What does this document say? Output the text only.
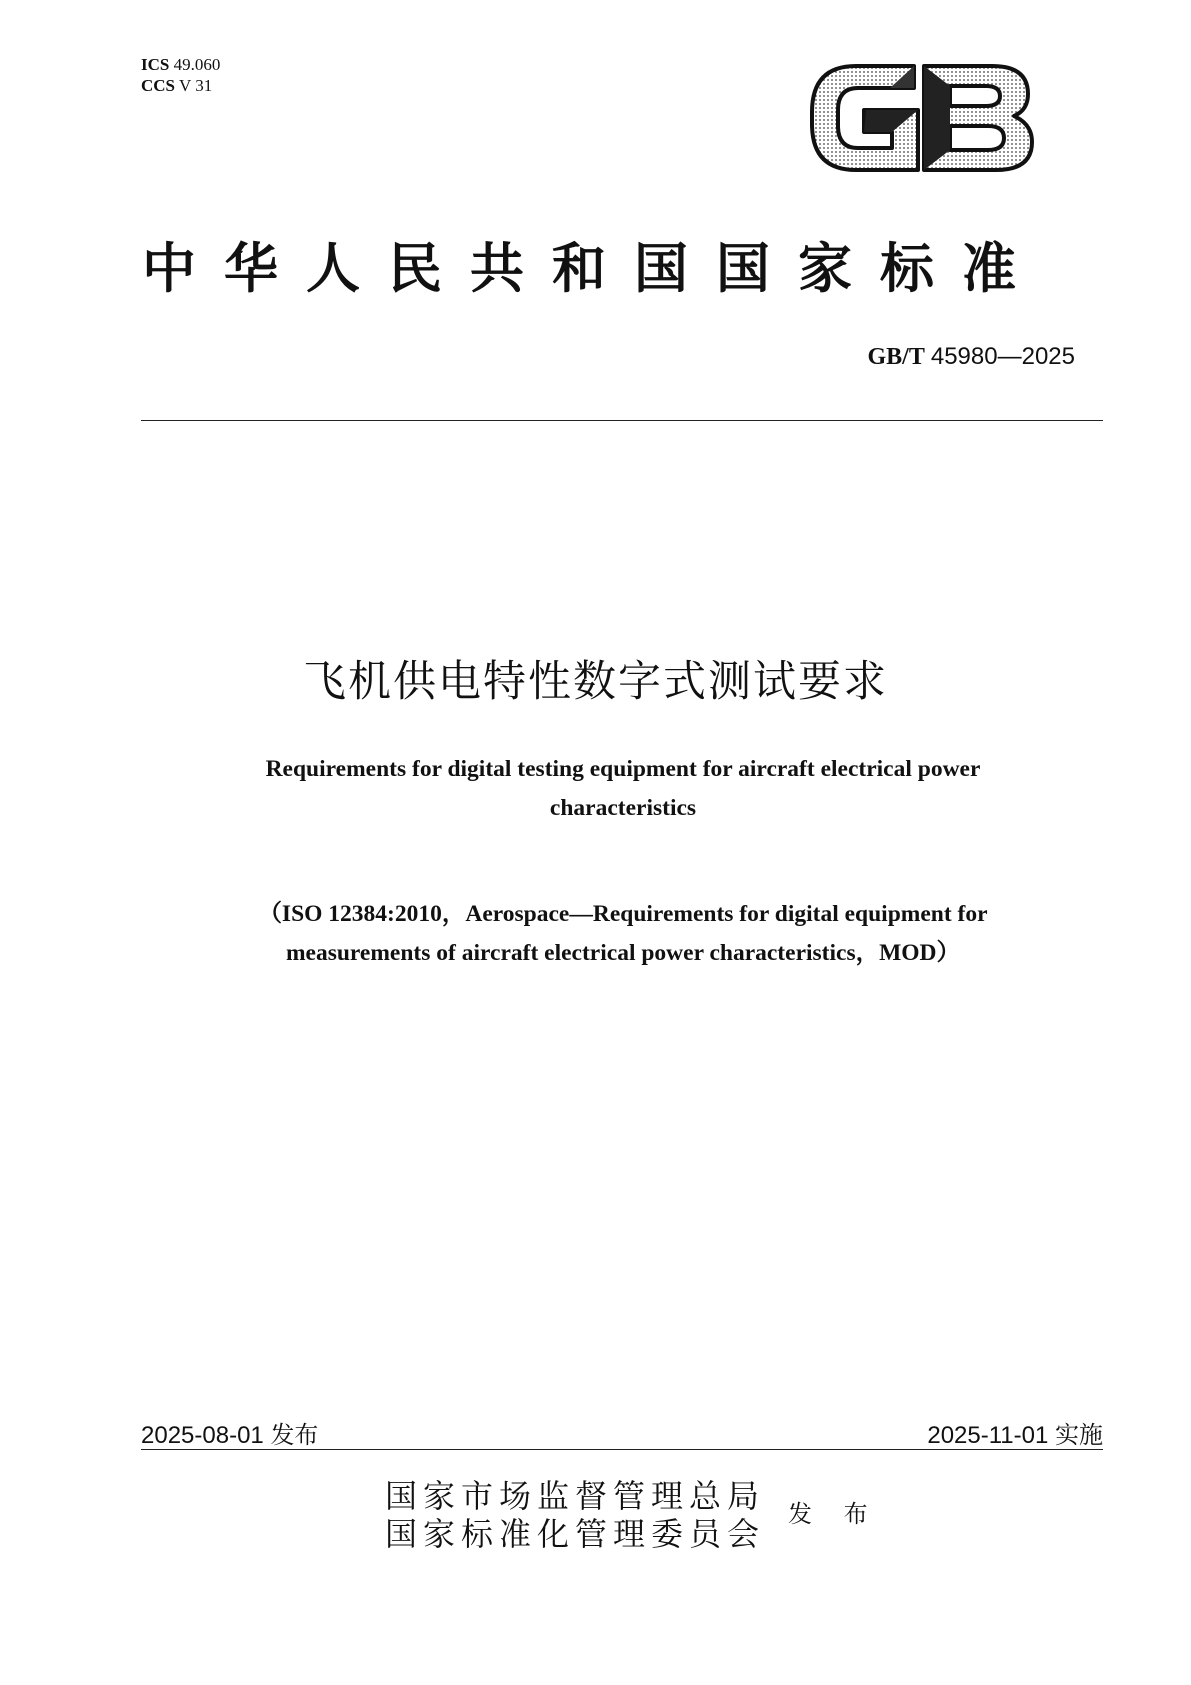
ICS 49.060
CCS V 31
中华人民共和国国家标准
GB/T 45980—2025
飞机供电特性数字式测试要求
Requirements for digital testing equipment for aircraft electrical power
characteristics
（ISO 12384:2010，Aerospace—Requirements for digital equipment for
measurements of aircraft electrical power characteristics，MOD）
2025-08-01 发布	2025-11-01 实施
国家市场监督管理总局
国家标准化管理委员会
发 布
